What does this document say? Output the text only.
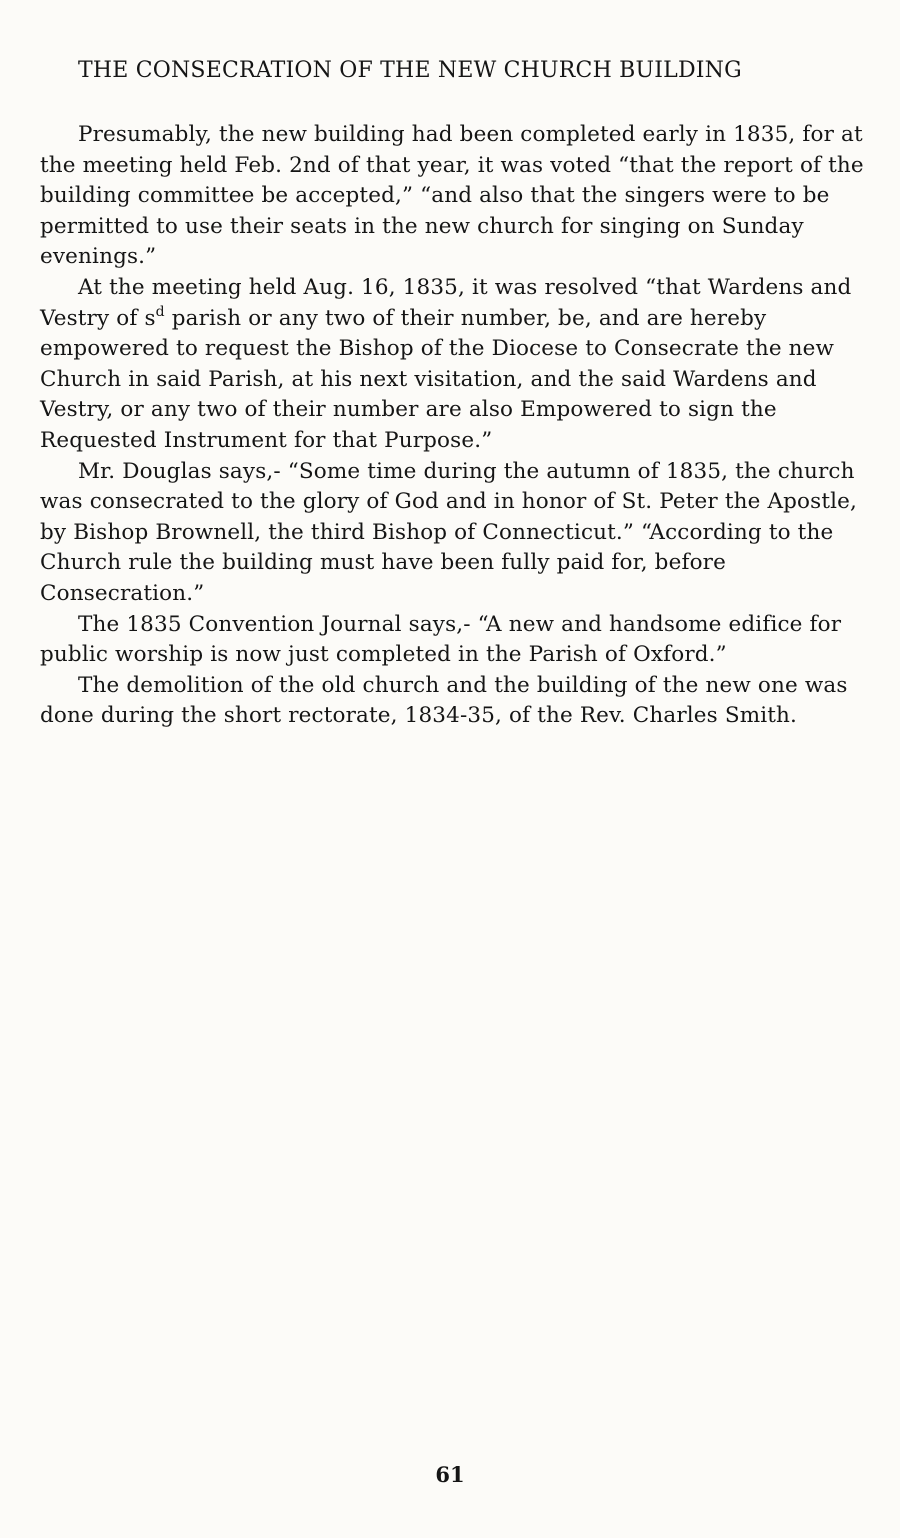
THE CONSECRATION OF THE NEW CHURCH BUILDING

Presumably, the new building had been completed early in 1835, for at the meeting held Feb. 2nd of that year, it was voted “that the report of the building committee be accepted,” “and also that the singers were to be permitted to use their seats in the new church for singing on Sunday evenings.”

At the meeting held Aug. 16, 1835, it was resolved “that Wardens and Vestry of $s^d$ parish or any two of their number, be, and are hereby empowered to request the Bishop of the Diocese to Consecrate the new Church in said Parish, at his next visitation, and the said Wardens and Vestry, or any two of their number are also Empowered to sign the Requested Instrument for that Purpose.”

Mr. Douglas says,- “Some time during the autumn of 1835, the church was consecrated to the glory of God and in honor of St. Peter the Apostle, by Bishop Brownell, the third Bishop of Connecticut.” “According to the Church rule the building must have been fully paid for, before Consecration.”

The 1835 Convention Journal says,- “A new and handsome edifice for public worship is now just completed in the Parish of Oxford.”

The demolition of the old church and the building of the new one was done during the short rectorate, 1834-35, of the Rev. Charles Smith.

61
